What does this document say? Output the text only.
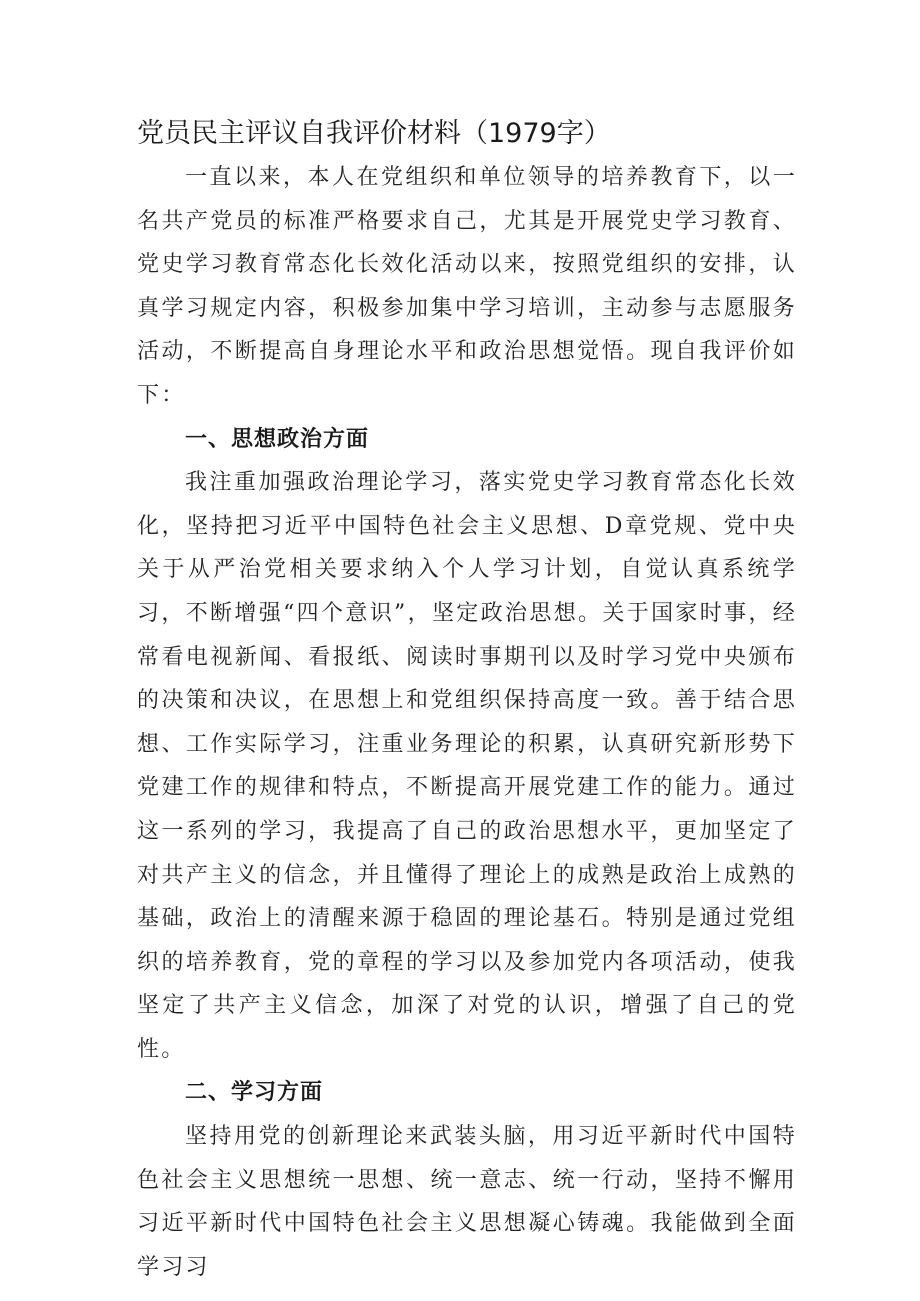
党员民主评议自我评价材料（1979字）

一直以来，本人在党组织和单位领导的培养教育下，以一名共产党员的标准严格要求自己，尤其是开展党史学习教育、党史学习教育常态化长效化活动以来，按照党组织的安排，认真学习规定内容，积极参加集中学习培训，主动参与志愿服务活动，不断提高自身理论水平和政治思想觉悟。现自我评价如下：

一、思想政治方面

我注重加强政治理论学习，落实党史学习教育常态化长效化，坚持把习近平中国特色社会主义思想、D章党规、党中央关于从严治党相关要求纳入个人学习计划，自觉认真系统学习，不断增强“四个意识”，坚定政治思想。关于国家时事，经常看电视新闻、看报纸、阅读时事期刊以及时学习党中央颁布的决策和决议，在思想上和党组织保持高度一致。善于结合思想、工作实际学习，注重业务理论的积累，认真研究新形势下党建工作的规律和特点，不断提高开展党建工作的能力。通过这一系列的学习，我提高了自己的政治思想水平，更加坚定了对共产主义的信念，并且懂得了理论上的成熟是政治上成熟的基础，政治上的清醒来源于稳固的理论基石。特别是通过党组织的培养教育，党的章程的学习以及参加党内各项活动，使我坚定了共产主义信念，加深了对党的认识，增强了自己的党性。

二、学习方面

坚持用党的创新理论来武装头脑，用习近平新时代中国特色社会主义思想统一思想、统一意志、统一行动，坚持不懈用习近平新时代中国特色社会主义思想凝心铸魂。我能做到全面学习习
